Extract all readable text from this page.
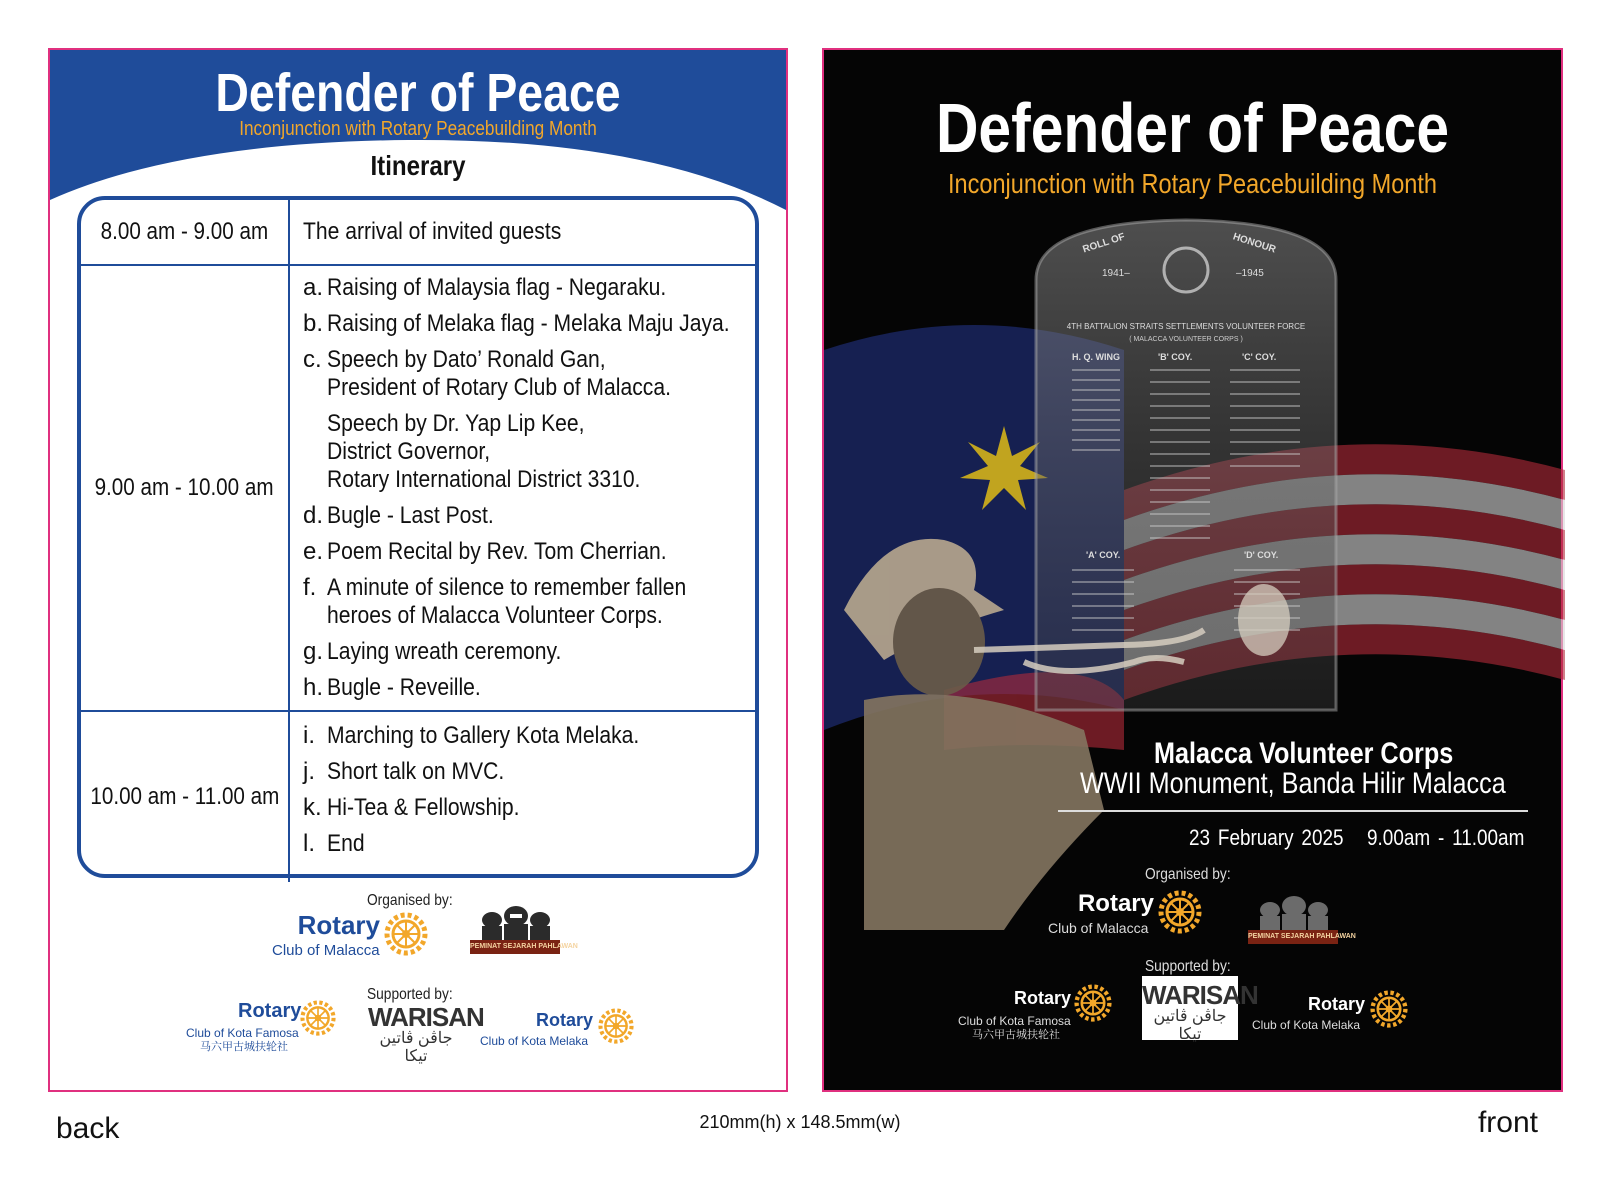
Defender of Peace
Inconjunction with Rotary Peacebuilding Month
Itinerary
8.00 am - 9.00 am The arrival of invited guests
9.00 am - 10.00 am
a. Raising of Malaysia flag - Negaraku.
b. Raising of Melaka flag - Melaka Maju Jaya.
c. Speech by Dato’ Ronald Gan,
President of Rotary Club of Malacca.
Speech by Dr. Yap Lip Kee,
District Governor,
Rotary International District 3310.
d. Bugle - Last Post.
e. Poem Recital by Rev. Tom Cherrian.
f. A minute of silence to remember fallen
heroes of Malacca Volunteer Corps.
g. Laying wreath ceremony.
h. Bugle - Reveille.
10.00 am - 11.00 am
i. Marching to Gallery Kota Melaka.
j. Short talk on MVC.
k. Hi-Tea & Fellowship.
l. End
Organised by:
Rotary
Club of Malacca	PEMINAT SEJARAH PAHLAWAN
Supported by:
Rotary
Club of Kota Famosa
马六甲古城扶轮社
WARISAN
جاڤن ڤاتين تيکا
Rotary
Club of Kota Melaka
ROLL OF	HONOUR
1941–	–1945
4TH BATTALION STRAITS SETTLEMENTS VOLUNTEER FORCE
( MALACCA VOLUNTEER CORPS )
H. Q. WING	'B' COY.	'C' COY.
'A' COY.	'D' COY.
Defender of Peace
Inconjunction with Rotary Peacebuilding Month
Malacca Volunteer Corps
WWII Monument, Banda Hilir Malacca
23 February 2025 9.00am - 11.00am
Organised by:
Rotary
Club of Malacca
PEMINAT SEJARAH PAHLAWAN
Supported by:
Rotary
Club of Kota Famosa
马六甲古城扶轮社
WARISAN
جاڤن ڤاتين تيکا
Rotary
Club of Kota Melaka
back	210mm(h) x 148.5mm(w)	front
